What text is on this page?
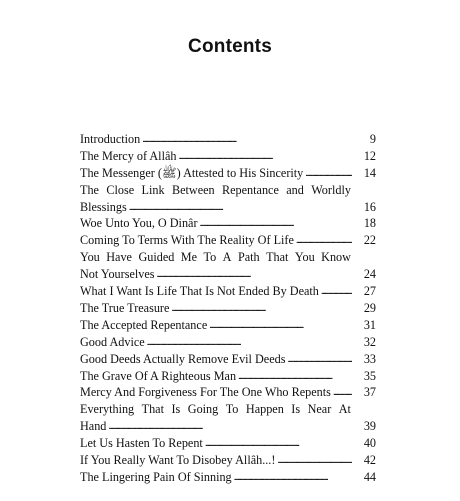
Contents
Introduction . . .	9
The Mercy of Allâh . . .	12
The Messenger (ﷺ) Attested to His Sincerity . . .	14
The Close Link Between Repentance and Worldly
Blessings . . .	16
Woe Unto You, O Dinâr . . .	18
Coming To Terms With The Reality Of Life . . .	22
You Have Guided Me To A Path That You Know
Not Yourselves . . .	24
What I Want Is Life That Is Not Ended By Death . . .	27
The True Treasure . . .	29
The Accepted Repentance . . .	31
Good Advice . . .	32
Good Deeds Actually Remove Evil Deeds . . .	33
The Grave Of A Righteous Man . . .	35
Mercy And Forgiveness For The One Who Repents . . .	37
Everything That Is Going To Happen Is Near At
Hand . . .	39
Let Us Hasten To Repent . . .	40
If You Really Want To Disobey Allâh...! . . .	42
The Lingering Pain Of Sinning . . .	44
